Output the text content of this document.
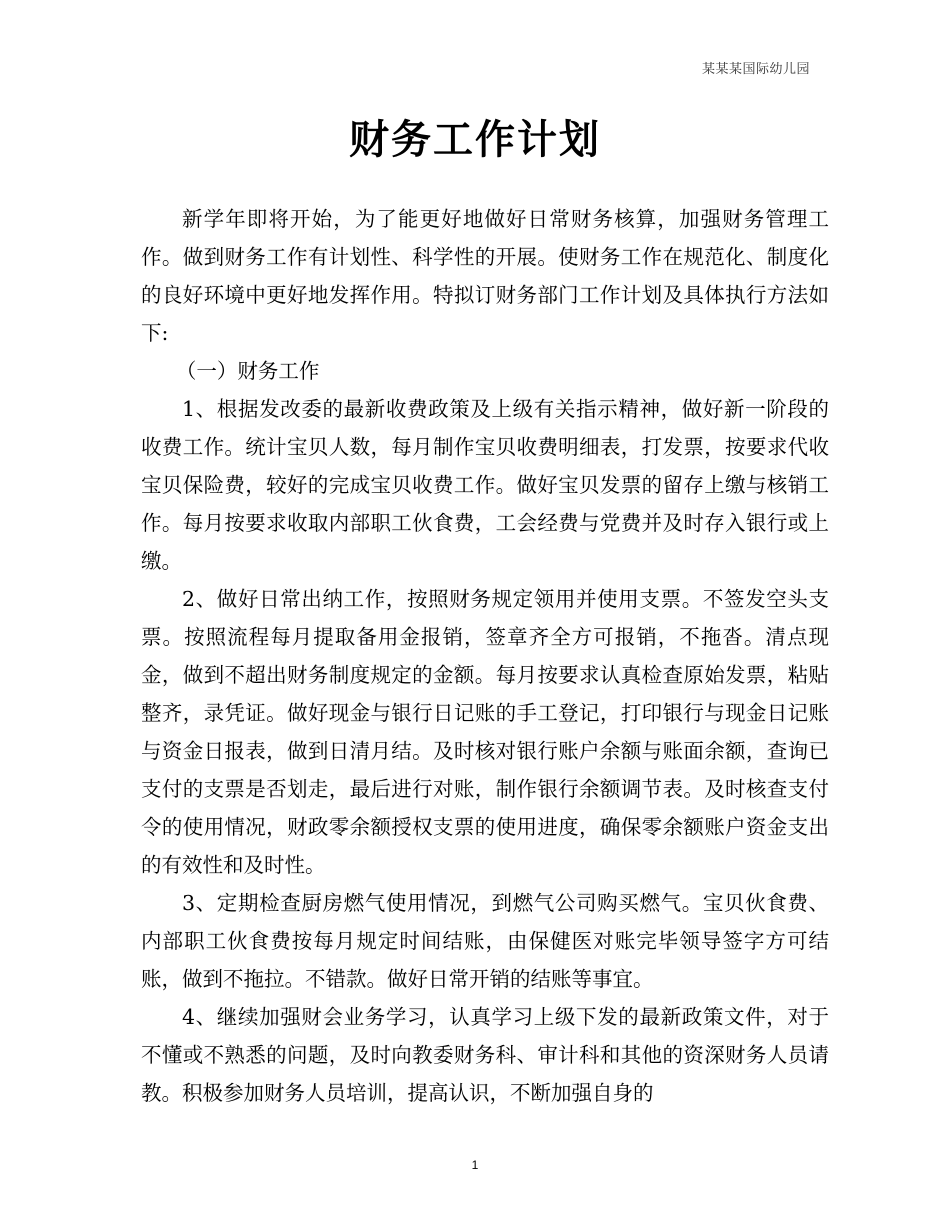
某某某国际幼儿园
财务工作计划

新学年即将开始，为了能更好地做好日常财务核算，加强财务管理工作。做到财务工作有计划性、科学性的开展。使财务工作在规范化、制度化的良好环境中更好地发挥作用。特拟订财务部门工作计划及具体执行方法如下:

（一）财务工作

1、根据发改委的最新收费政策及上级有关指示精神，做好新一阶段的收费工作。统计宝贝人数，每月制作宝贝收费明细表，打发票，按要求代收宝贝保险费，较好的完成宝贝收费工作。做好宝贝发票的留存上缴与核销工作。每月按要求收取内部职工伙食费，工会经费与党费并及时存入银行或上缴。

2、做好日常出纳工作，按照财务规定领用并使用支票。不签发空头支票。按照流程每月提取备用金报销，签章齐全方可报销，不拖沓。清点现金，做到不超出财务制度规定的金额。每月按要求认真检查原始发票，粘贴整齐，录凭证。做好现金与银行日记账的手工登记，打印银行与现金日记账与资金日报表，做到日清月结。及时核对银行账户余额与账面余额，查询已支付的支票是否划走，最后进行对账，制作银行余额调节表。及时核查支付令的使用情况，财政零余额授权支票的使用进度，确保零余额账户资金支出的有效性和及时性。

3、定期检查厨房燃气使用情况，到燃气公司购买燃气。宝贝伙食费、内部职工伙食费按每月规定时间结账，由保健医对账完毕领导签字方可结账，做到不拖拉。不错款。做好日常开销的结账等事宜。

4、继续加强财会业务学习，认真学习上级下发的最新政策文件，对于不懂或不熟悉的问题，及时向教委财务科、审计科和其他的资深财务人员请教。积极参加财务人员培训，提高认识，不断加强自身的

1
